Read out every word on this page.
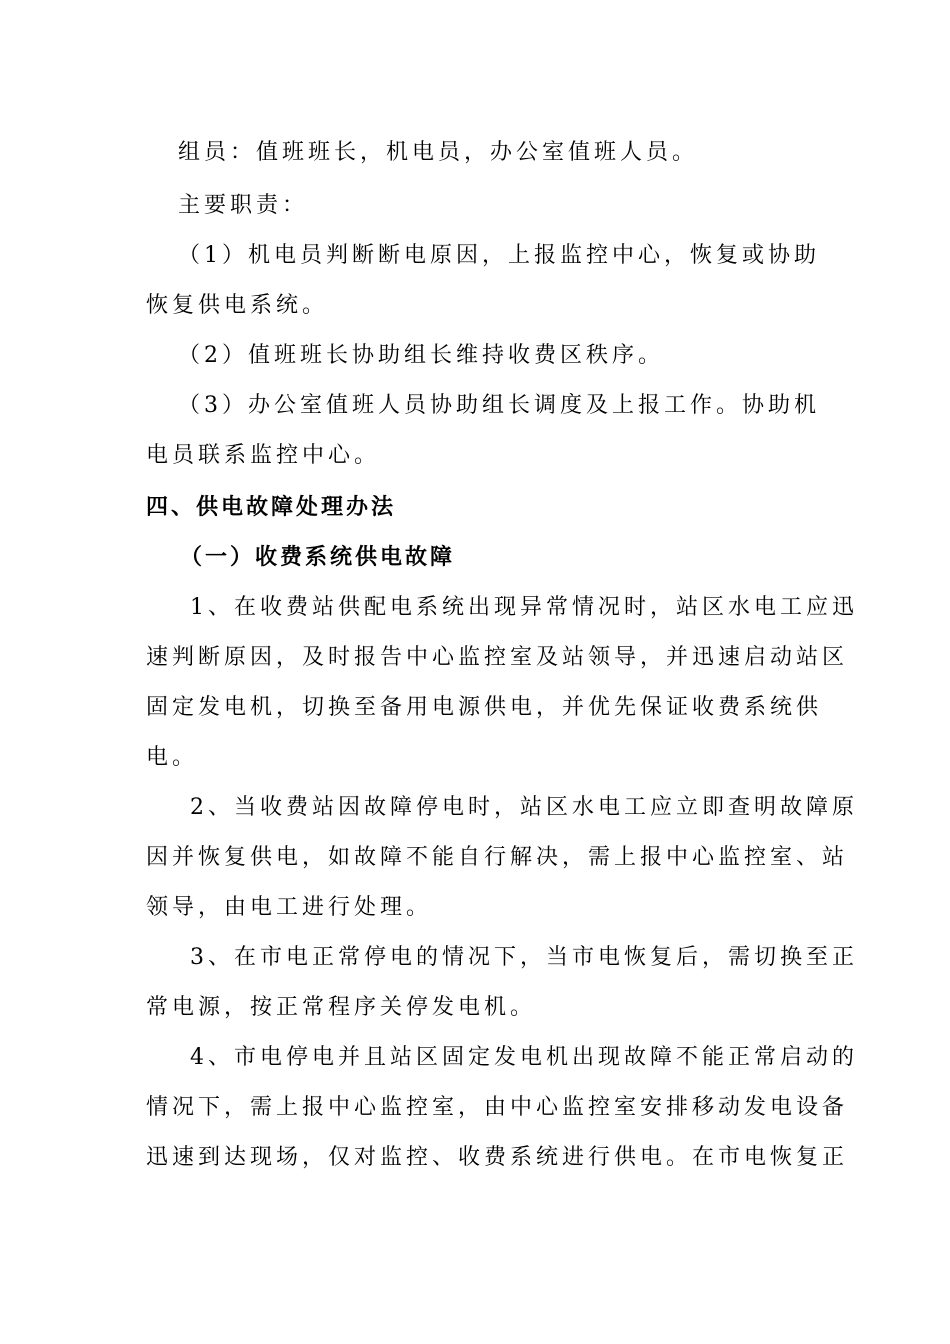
组员：值班班长，机电员，办公室值班人员。
主要职责：
（1）机电员判断断电原因，上报监控中心，恢复或协助
恢复供电系统。
（2）值班班长协助组长维持收费区秩序。
（3）办公室值班人员协助组长调度及上报工作。协助机
电员联系监控中心。
四、供电故障处理办法
（一）收费系统供电故障
1、在收费站供配电系统出现异常情况时，站区水电工应迅
速判断原因，及时报告中心监控室及站领导，并迅速启动站区
固定发电机，切换至备用电源供电，并优先保证收费系统供
电。
2、当收费站因故障停电时，站区水电工应立即查明故障原
因并恢复供电，如故障不能自行解决，需上报中心监控室、站
领导，由电工进行处理。
3、在市电正常停电的情况下，当市电恢复后，需切换至正
常电源，按正常程序关停发电机。
4、市电停电并且站区固定发电机出现故障不能正常启动的
情况下，需上报中心监控室，由中心监控室安排移动发电设备
迅速到达现场，仅对监控、收费系统进行供电。在市电恢复正
